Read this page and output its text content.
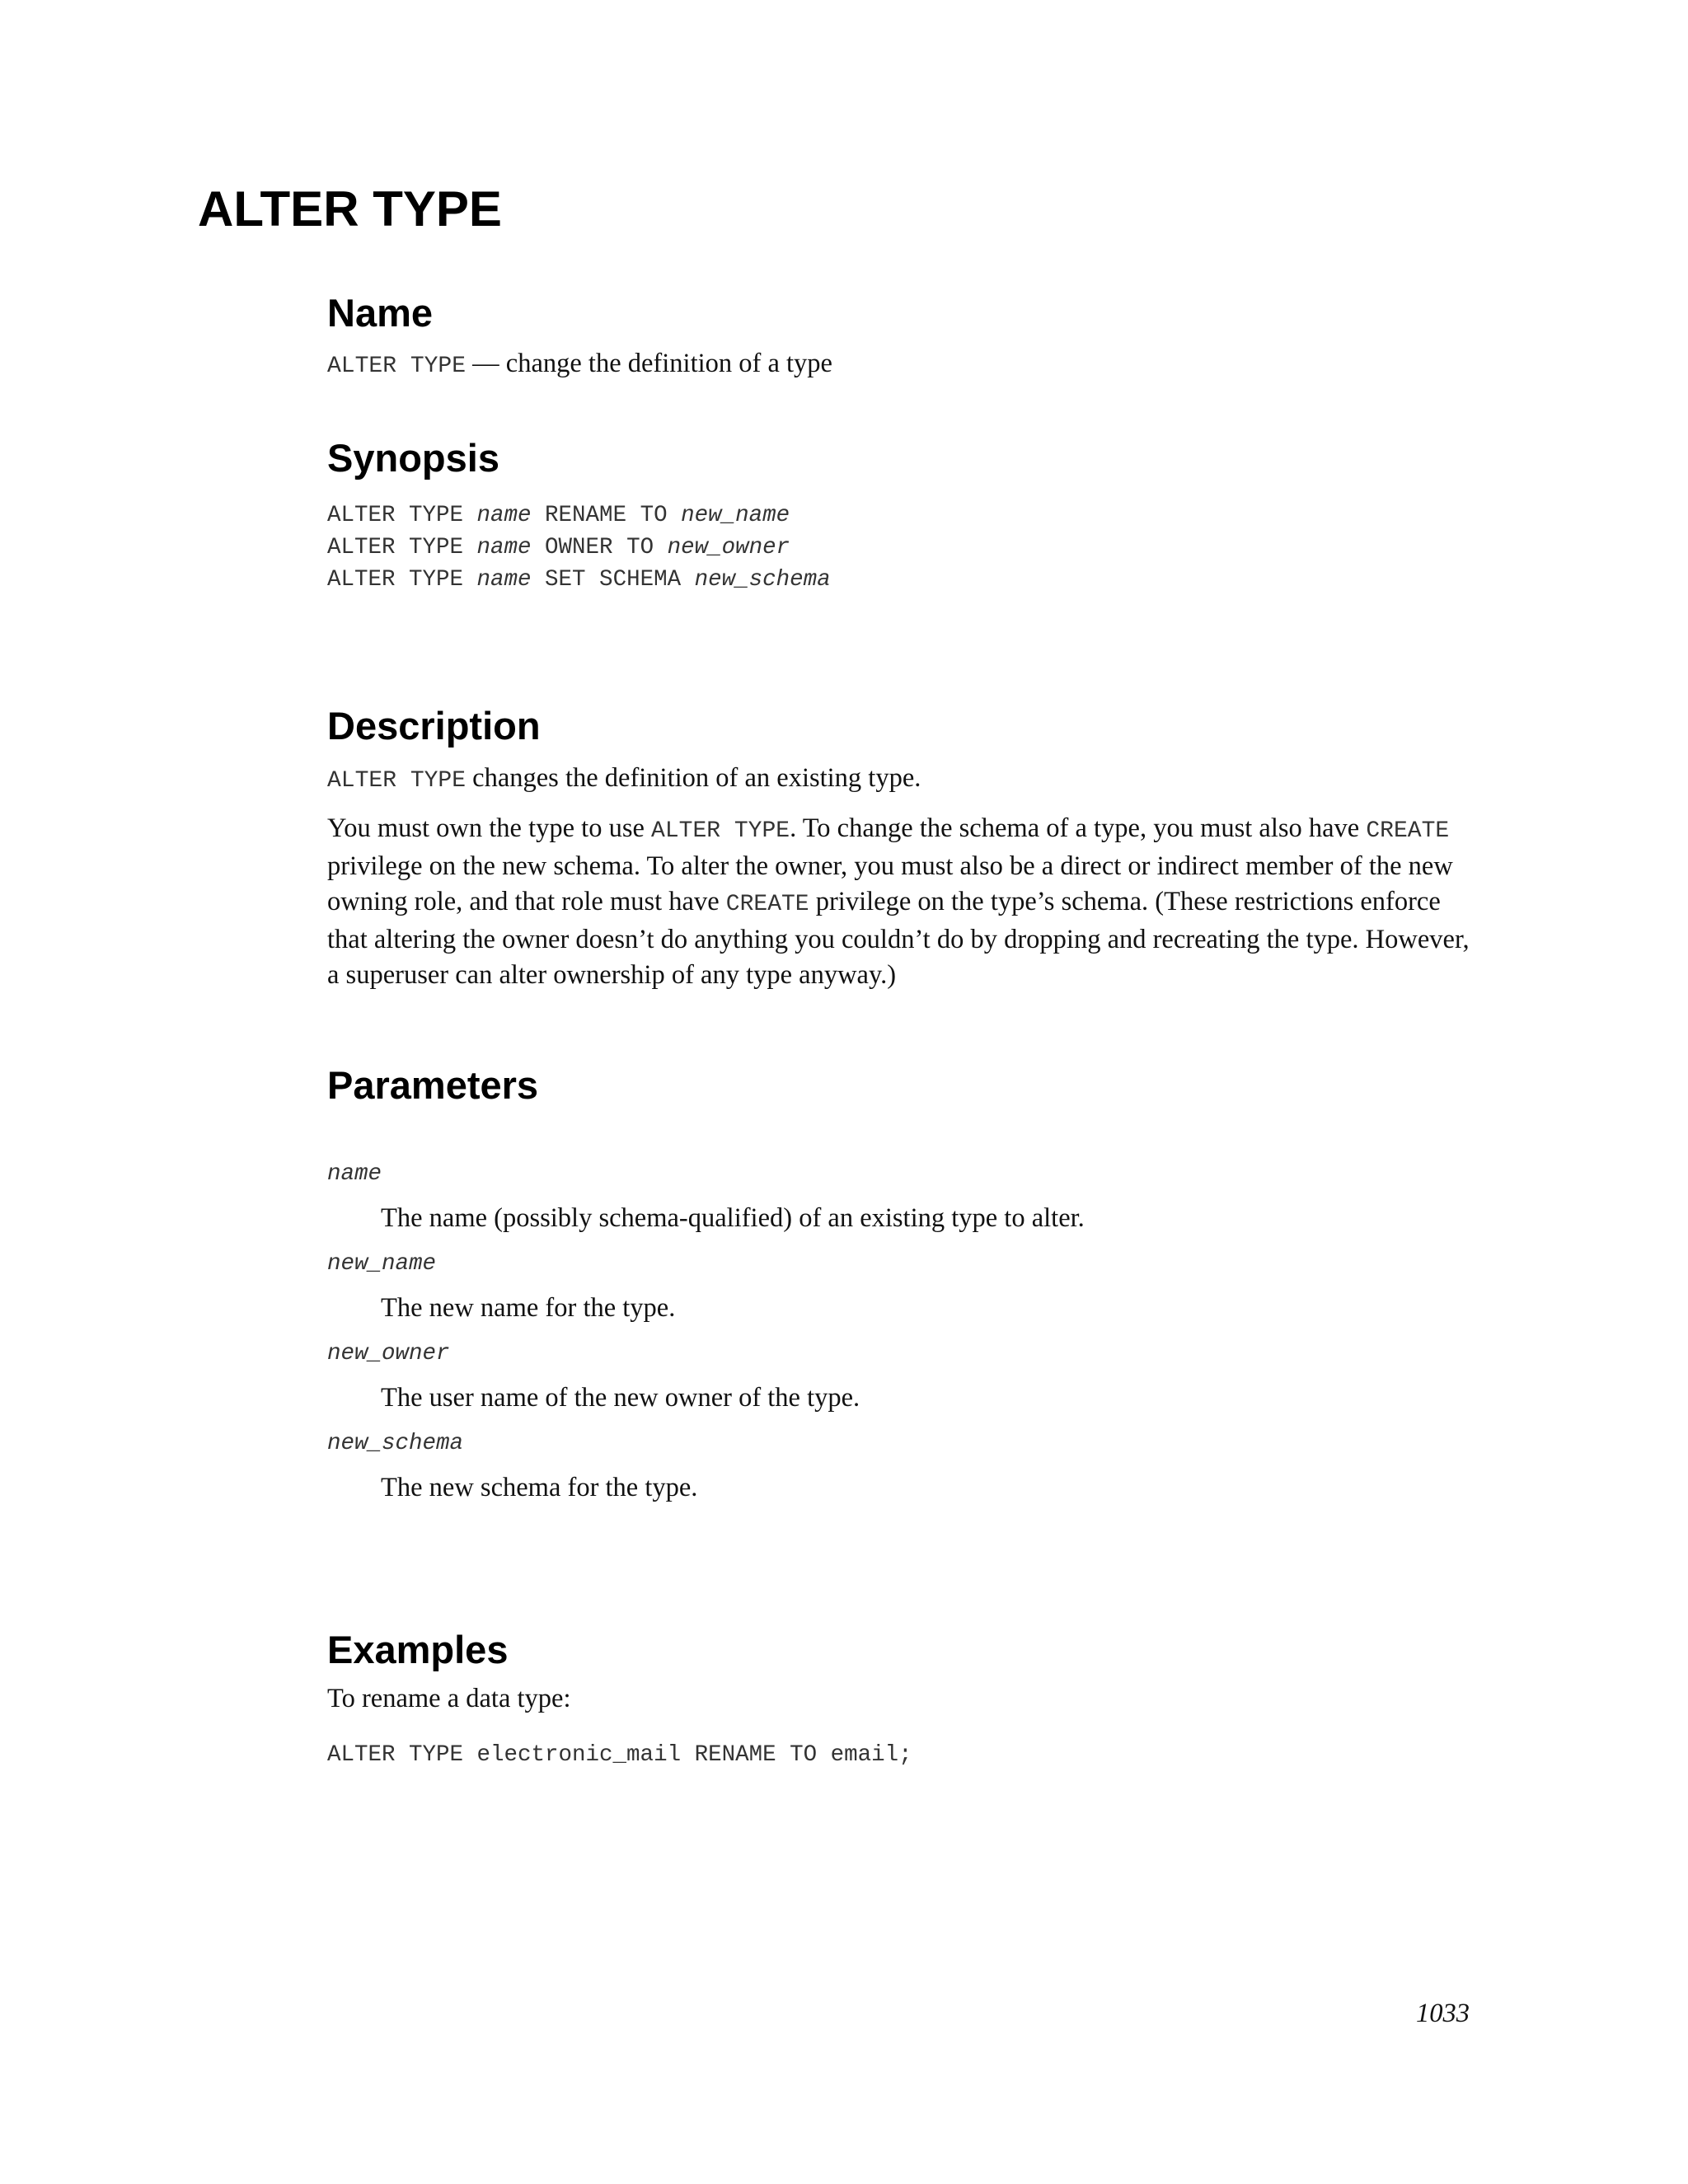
ALTER TYPE
Name

ALTER TYPE — change the definition of a type

Synopsis
ALTER TYPE name RENAME TO new_name
ALTER TYPE name OWNER TO new_owner
ALTER TYPE name SET SCHEMA new_schema
Description

ALTER TYPE changes the definition of an existing type.

You must own the type to use ALTER TYPE. To change the schema of a type, you must also have CREATE privilege on the new schema. To alter the owner, you must also be a direct or indirect member of the new owning role, and that role must have CREATE privilege on the type’s schema. (These restrictions enforce that altering the owner doesn’t do anything you couldn’t do by dropping and recreating the type. However, a superuser can alter ownership of any type anyway.)

Parameters
name

The name (possibly schema-qualified) of an existing type to alter.

new_name

The new name for the type.

new_owner

The user name of the new owner of the type.

new_schema

The new schema for the type.

Examples

To rename a data type:

ALTER TYPE electronic_mail RENAME TO email;
1033
